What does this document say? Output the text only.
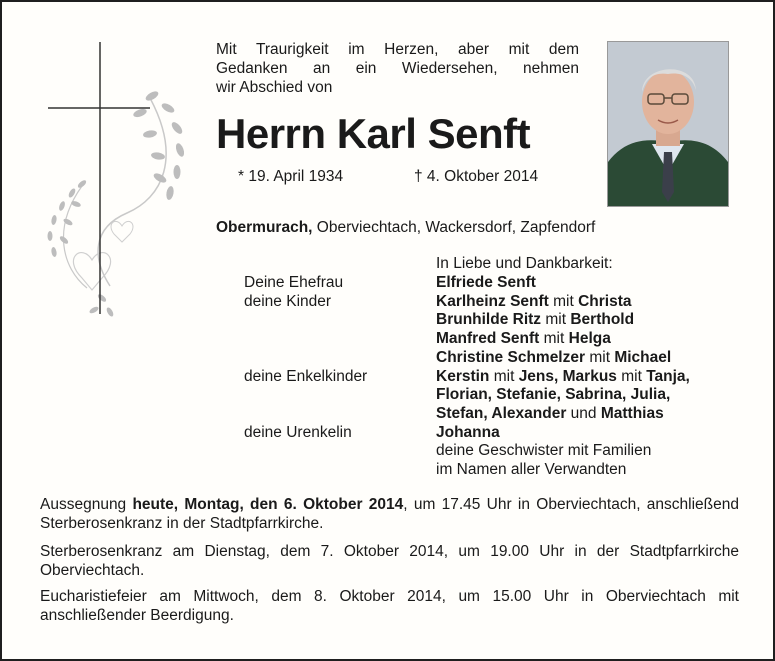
Mit Traurigkeit im Herzen, aber mit dem
Gedanken an ein Wiedersehen, nehmen
wir Abschied von
Herrn Karl Senft
* 19. April 1934	† 4. Oktober 2014
Obermurach, Oberviechtach, Wackersdorf, Zapfendorf
In Liebe und Dankbarkeit:
Deine Ehefrau
deine Kinder
deine Enkelkinder
deine Urenkelin
Elfriede Senft
Karlheinz Senft mit Christa
Brunhilde Ritz mit Berthold
Manfred Senft mit Helga
Christine Schmelzer mit Michael
Kerstin mit Jens, Markus mit Tanja,
Florian, Stefanie, Sabrina, Julia,
Stefan, Alexander und Matthias
Johanna
deine Geschwister mit Familien
im Namen aller Verwandten
Aussegnung heute, Montag, den 6. Oktober 2014, um 17.45 Uhr in Oberviechtach, anschließend Sterberosenkranz in der Stadtpfarrkirche.
Sterberosenkranz am Dienstag, dem 7. Oktober 2014, um 19.00 Uhr in der Stadtpfarrkirche Oberviechtach.
Eucharistiefeier am Mittwoch, dem 8. Oktober 2014, um 15.00 Uhr in Oberviechtach mit anschließender Beerdigung.
